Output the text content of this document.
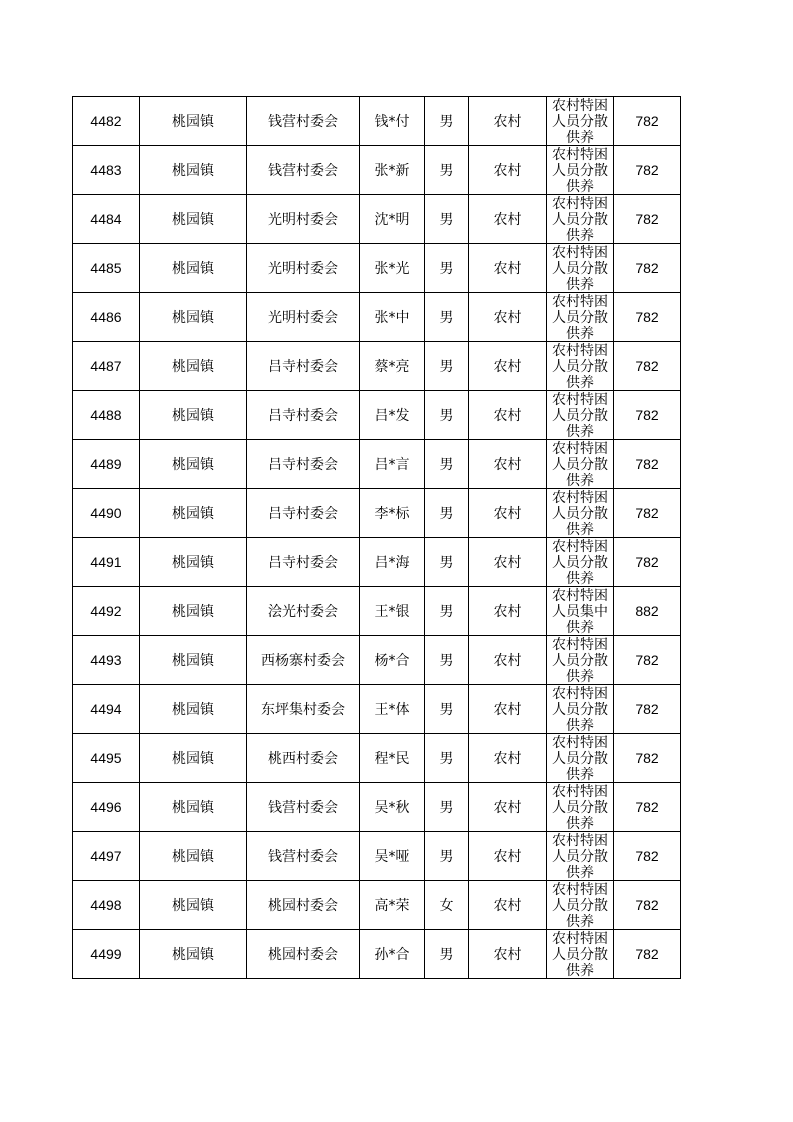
4482	桃园镇	钱营村委会	钱*付	男	农村	农村特困人员分散供养	782
4483	桃园镇	钱营村委会	张*新	男	农村	农村特困人员分散供养	782
4484	桃园镇	光明村委会	沈*明	男	农村	农村特困人员分散供养	782
4485	桃园镇	光明村委会	张*光	男	农村	农村特困人员分散供养	782
4486	桃园镇	光明村委会	张*中	男	农村	农村特困人员分散供养	782
4487	桃园镇	吕寺村委会	蔡*亮	男	农村	农村特困人员分散供养	782
4488	桃园镇	吕寺村委会	吕*发	男	农村	农村特困人员分散供养	782
4489	桃园镇	吕寺村委会	吕*言	男	农村	农村特困人员分散供养	782
4490	桃园镇	吕寺村委会	李*标	男	农村	农村特困人员分散供养	782
4491	桃园镇	吕寺村委会	吕*海	男	农村	农村特困人员分散供养	782
4492	桃园镇	浍光村委会	王*银	男	农村	农村特困人员集中供养	882
4493	桃园镇	西杨寨村委会	杨*合	男	农村	农村特困人员分散供养	782
4494	桃园镇	东坪集村委会	王*体	男	农村	农村特困人员分散供养	782
4495	桃园镇	桃西村委会	程*民	男	农村	农村特困人员分散供养	782
4496	桃园镇	钱营村委会	吴*秋	男	农村	农村特困人员分散供养	782
4497	桃园镇	钱营村委会	吴*哑	男	农村	农村特困人员分散供养	782
4498	桃园镇	桃园村委会	高*荣	女	农村	农村特困人员分散供养	782
4499	桃园镇	桃园村委会	孙*合	男	农村	农村特困人员分散供养	782
